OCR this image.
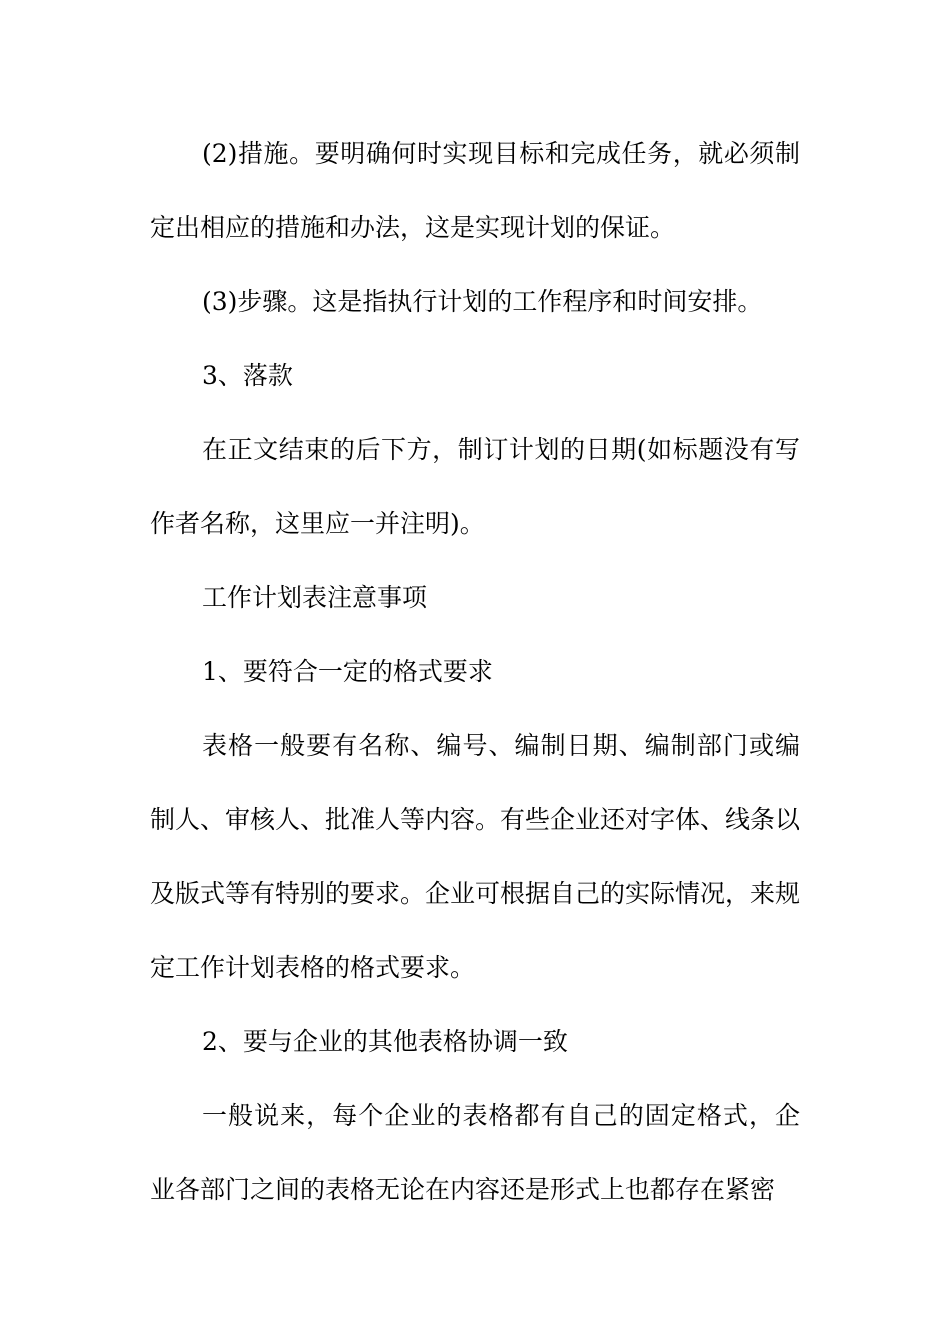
(2)措施。要明确何时实现目标和完成任务，就必须制定出相应的措施和办法，这是实现计划的保证。

(3)步骤。这是指执行计划的工作程序和时间安排。

3、落款

在正文结束的后下方，制订计划的日期(如标题没有写作者名称，这里应一并注明)。

工作计划表注意事项

1、要符合一定的格式要求

表格一般要有名称、编号、编制日期、编制部门或编制人、审核人、批准人等内容。有些企业还对字体、线条以及版式等有特别的要求。企业可根据自己的实际情况，来规定工作计划表格的格式要求。

2、要与企业的其他表格协调一致

一般说来，每个企业的表格都有自己的固定格式，企业各部门之间的表格无论在内容还是形式上也都存在紧密
